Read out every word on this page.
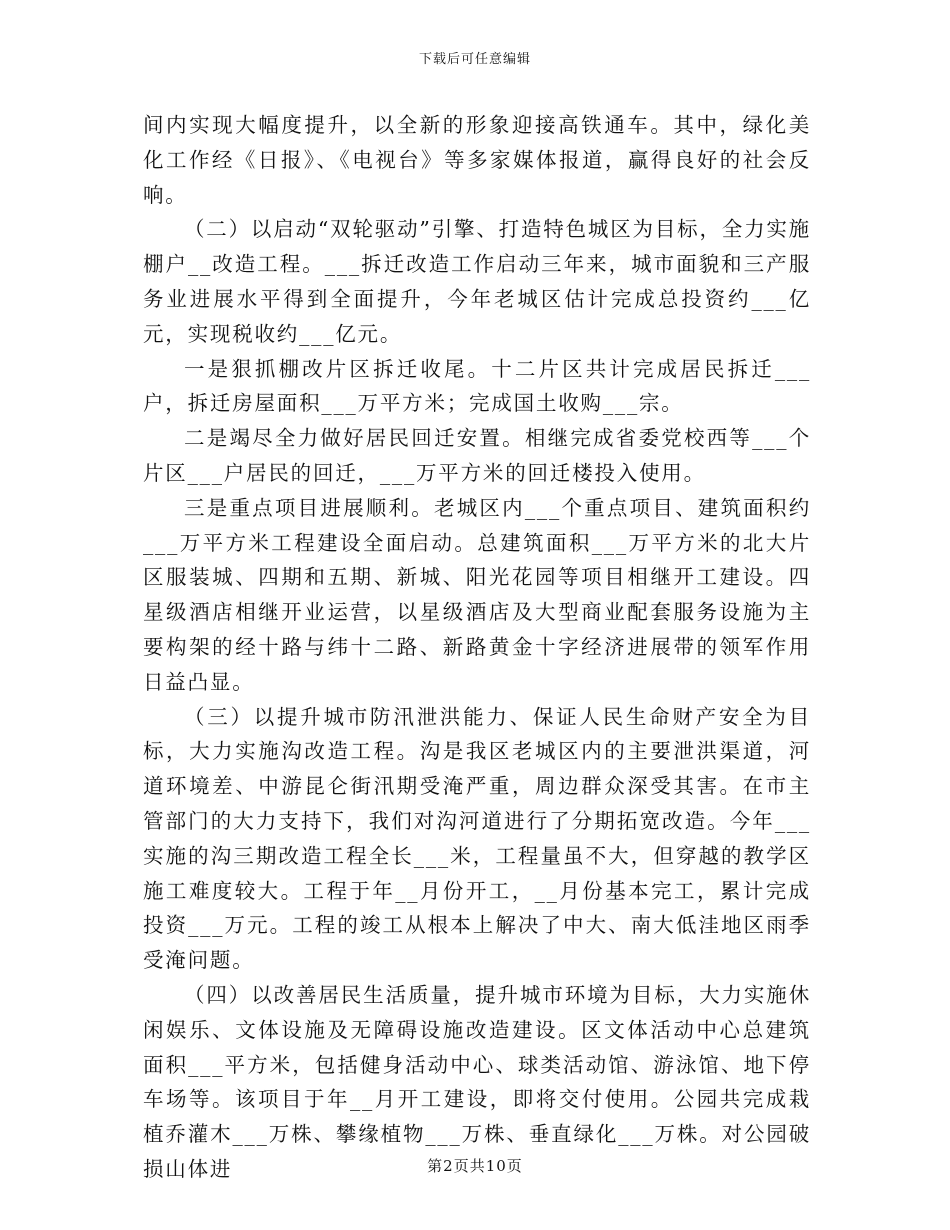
下载后可任意编辑

间内实现大幅度提升，以全新的形象迎接高铁通车。其中，绿化美化工作经《日报》、《电视台》等多家媒体报道，赢得良好的社会反响。

（二）以启动“双轮驱动”引擎、打造特色城区为目标，全力实施棚户__改造工程。___拆迁改造工作启动三年来，城市面貌和三产服务业进展水平得到全面提升，今年老城区估计完成总投资约___亿元，实现税收约___亿元。

一是狠抓棚改片区拆迁收尾。十二片区共计完成居民拆迁___户，拆迁房屋面积___万平方米；完成国土收购___宗。

二是竭尽全力做好居民回迁安置。相继完成省委党校西等___个片区___户居民的回迁，___万平方米的回迁楼投入使用。

三是重点项目进展顺利。老城区内___个重点项目、建筑面积约___万平方米工程建设全面启动。总建筑面积___万平方米的北大片区服装城、四期和五期、新城、阳光花园等项目相继开工建设。四星级酒店相继开业运营，以星级酒店及大型商业配套服务设施为主要构架的经十路与纬十二路、新路黄金十字经济进展带的领军作用日益凸显。

（三）以提升城市防汛泄洪能力、保证人民生命财产安全为目标，大力实施沟改造工程。沟是我区老城区内的主要泄洪渠道，河道环境差、中游昆仑街汛期受淹严重，周边群众深受其害。在市主管部门的大力支持下，我们对沟河道进行了分期拓宽改造。今年___实施的沟三期改造工程全长___米，工程量虽不大，但穿越的教学区施工难度较大。工程于年__月份开工，__月份基本完工，累计完成投资___万元。工程的竣工从根本上解决了中大、南大低洼地区雨季受淹问题。

（四）以改善居民生活质量，提升城市环境为目标，大力实施休闲娱乐、文体设施及无障碍设施改造建设。区文体活动中心总建筑面积___平方米，包括健身活动中心、球类活动馆、游泳馆、地下停车场等。该项目于年__月开工建设，即将交付使用。公园共完成栽植乔灌木___万株、攀缘植物___万株、垂直绿化___万株。对公园破损山体进	第2页共10页
